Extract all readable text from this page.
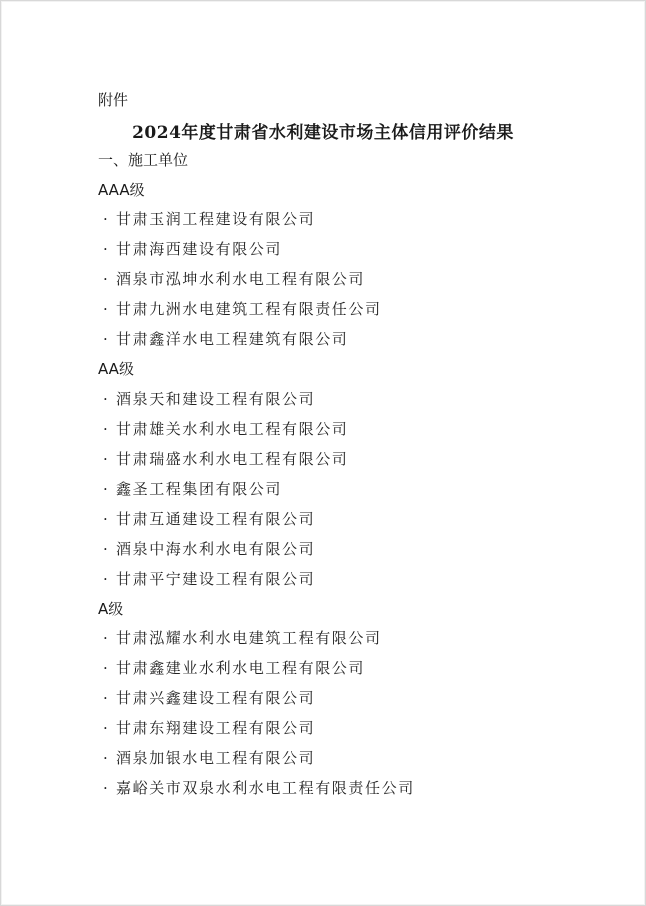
附件
2024年度甘肃省水利建设市场主体信用评价结果
一、施工单位
AAA级
· 甘肃玉润工程建设有限公司
· 甘肃海西建设有限公司
· 酒泉市泓坤水利水电工程有限公司
· 甘肃九洲水电建筑工程有限责任公司
· 甘肃鑫洋水电工程建筑有限公司
AA级
· 酒泉天和建设工程有限公司
· 甘肃雄关水利水电工程有限公司
· 甘肃瑞盛水利水电工程有限公司
· 鑫圣工程集团有限公司
· 甘肃互通建设工程有限公司
· 酒泉中海水利水电有限公司
· 甘肃平宁建设工程有限公司
A级
· 甘肃泓耀水利水电建筑工程有限公司
· 甘肃鑫建业水利水电工程有限公司
· 甘肃兴鑫建设工程有限公司
· 甘肃东翔建设工程有限公司
· 酒泉加银水电工程有限公司
· 嘉峪关市双泉水利水电工程有限责任公司
